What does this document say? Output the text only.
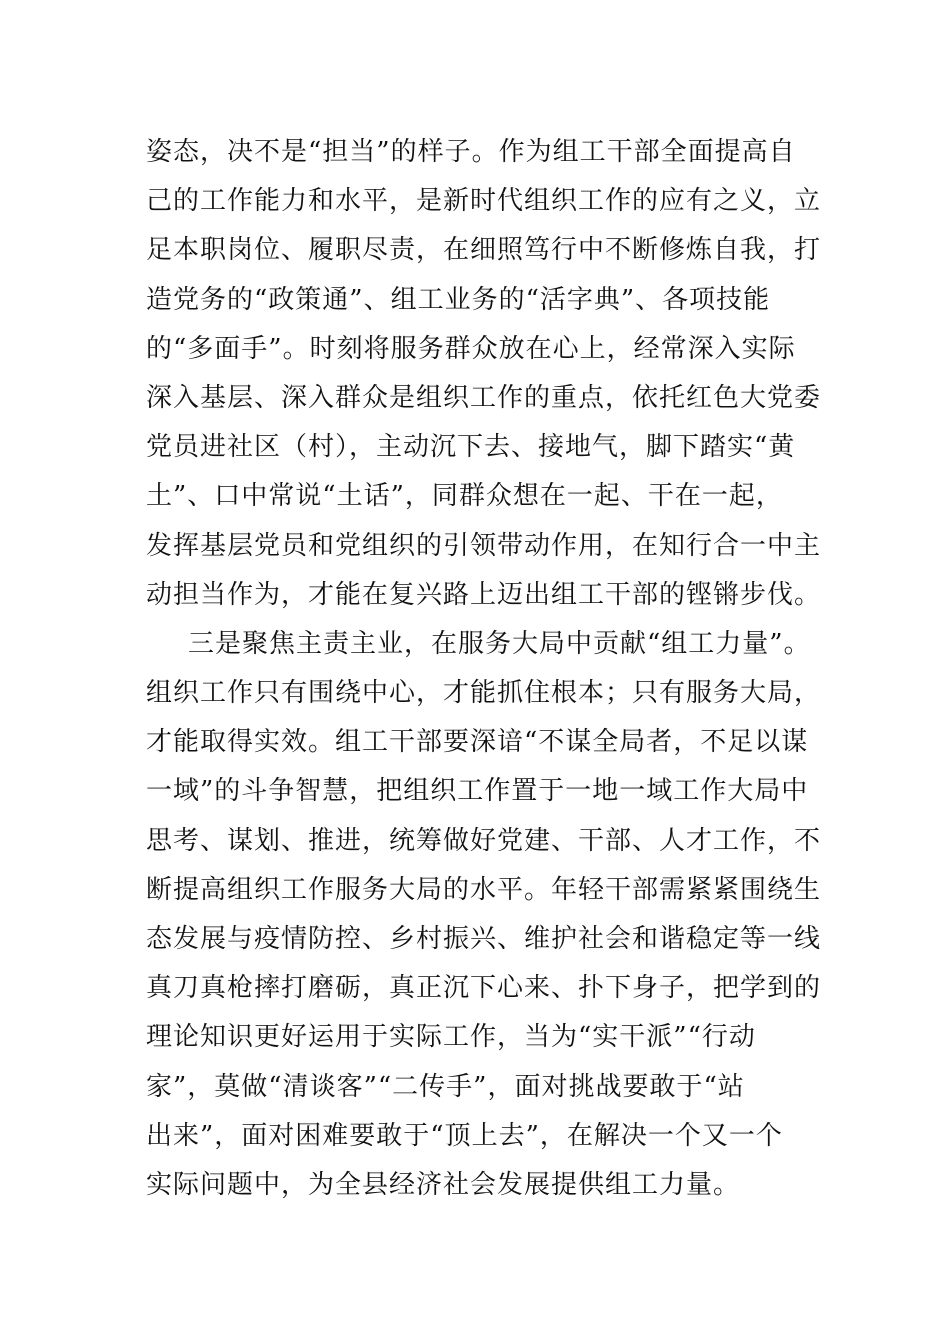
姿态，决不是“担当”的样子。作为组工干部全面提高自
己的工作能力和水平，是新时代组织工作的应有之义，立
足本职岗位、履职尽责，在细照笃行中不断修炼自我，打
造党务的“政策通”、组工业务的“活字典”、各项技能
的“多面手”。时刻将服务群众放在心上，经常深入实际
深入基层、深入群众是组织工作的重点，依托红色大党委
党员进社区（村），主动沉下去、接地气，脚下踏实“黄
土”、口中常说“土话”，同群众想在一起、干在一起，
发挥基层党员和党组织的引领带动作用，在知行合一中主
动担当作为，才能在复兴路上迈出组工干部的铿锵步伐。
三是聚焦主责主业，在服务大局中贡献“组工力量”。
组织工作只有围绕中心，才能抓住根本；只有服务大局，
才能取得实效。组工干部要深谙“不谋全局者，不足以谋
一域”的斗争智慧，把组织工作置于一地一域工作大局中
思考、谋划、推进，统筹做好党建、干部、人才工作，不
断提高组织工作服务大局的水平。年轻干部需紧紧围绕生
态发展与疫情防控、乡村振兴、维护社会和谐稳定等一线
真刀真枪摔打磨砺，真正沉下心来、扑下身子，把学到的
理论知识更好运用于实际工作，当为“实干派”“行动
家”，莫做“清谈客”“二传手”，面对挑战要敢于“站
出来”，面对困难要敢于“顶上去”，在解决一个又一个
实际问题中，为全县经济社会发展提供组工力量。
